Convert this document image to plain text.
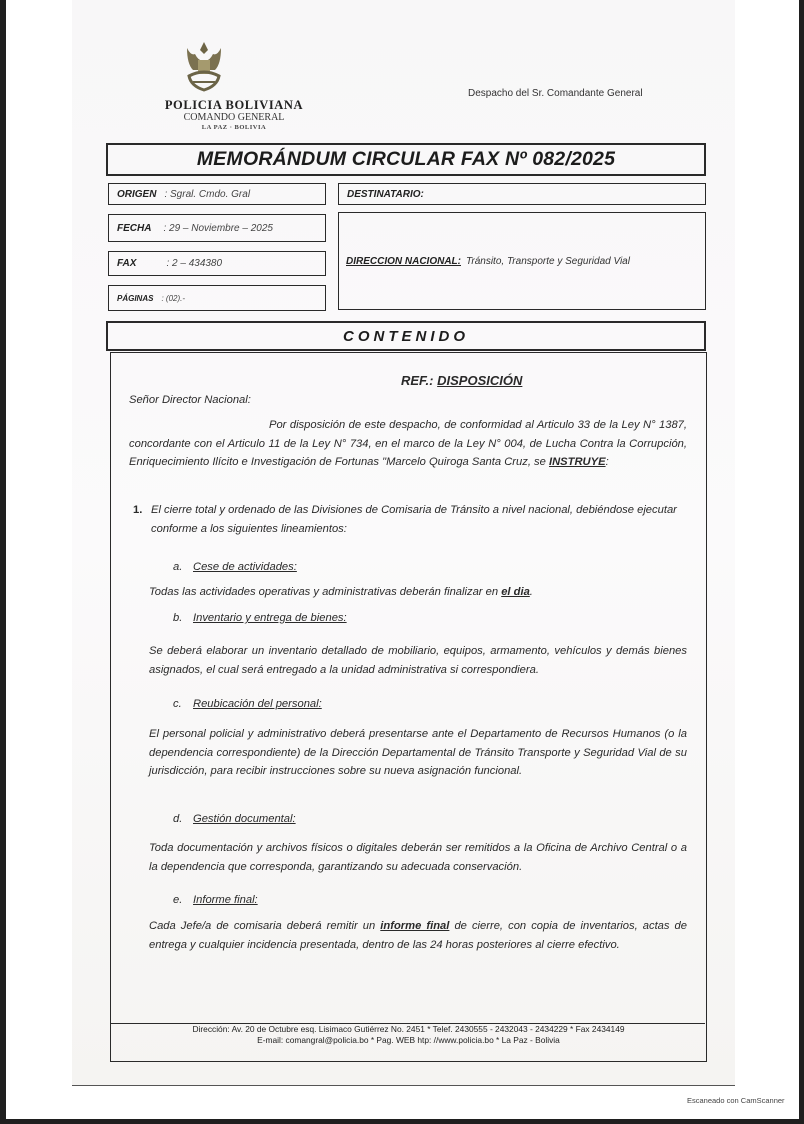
POLICIA BOLIVIANA
COMANDO GENERAL
LA PAZ · BOLIVIA
Despacho del Sr. Comandante General
MEMORÁNDUM CIRCULAR FAX Nº 082/2025
ORIGEN : Sgral. Cmdo. Gral
FECHA : 29 – Noviembre – 2025
FAX	: 2 – 434380
PÁGINAS : (02).-
DESTINATARIO:
DIRECCION NACIONAL: Tránsito, Transporte y Seguridad Vial
CONTENIDO
REF.: DISPOSICIÓN
Señor Director Nacional:
Por disposición de este despacho, de conformidad al Articulo 33 de la Ley N° 1387, concordante con el Articulo 11 de la Ley N° 734, en el marco de la Ley N° 004, de Lucha Contra la Corrupción, Enriquecimiento Ilícito e Investigación de Fortunas "Marcelo Quiroga Santa Cruz, se INSTRUYE:
1. El cierre total y ordenado de las Divisiones de Comisaria de Tránsito a nivel nacional, debiéndose ejecutar conforme a los siguientes lineamientos:
a. Cese de actividades:
Todas las actividades operativas y administrativas deberán finalizar en el dia.
b. Inventario y entrega de bienes:
Se deberá elaborar un inventario detallado de mobiliario, equipos, armamento, vehículos y demás bienes asignados, el cual será entregado a la unidad administrativa si correspondiera.
c. Reubicación del personal:
El personal policial y administrativo deberá presentarse ante el Departamento de Recursos Humanos (o la dependencia correspondiente) de la Dirección Departamental de Tránsito Transporte y Seguridad Vial de su jurisdicción, para recibir instrucciones sobre su nueva asignación funcional.
d. Gestión documental:
Toda documentación y archivos físicos o digitales deberán ser remitidos a la Oficina de Archivo Central o a la dependencia que corresponda, garantizando su adecuada conservación.
e. Informe final:
Cada Jefe/a de comisaria deberá remitir un informe final de cierre, con copia de inventarios, actas de entrega y cualquier incidencia presentada, dentro de las 24 horas posteriores al cierre efectivo.
Dirección: Av. 20 de Octubre esq. Lisimaco Gutiérrez No. 2451 * Telef. 2430555 - 2432043 - 2434229 * Fax 2434149
E-mail: comangral@policia.bo * Pag. WEB htp: //www.policia.bo * La Paz - Bolivia
Escaneado con CamScanner
